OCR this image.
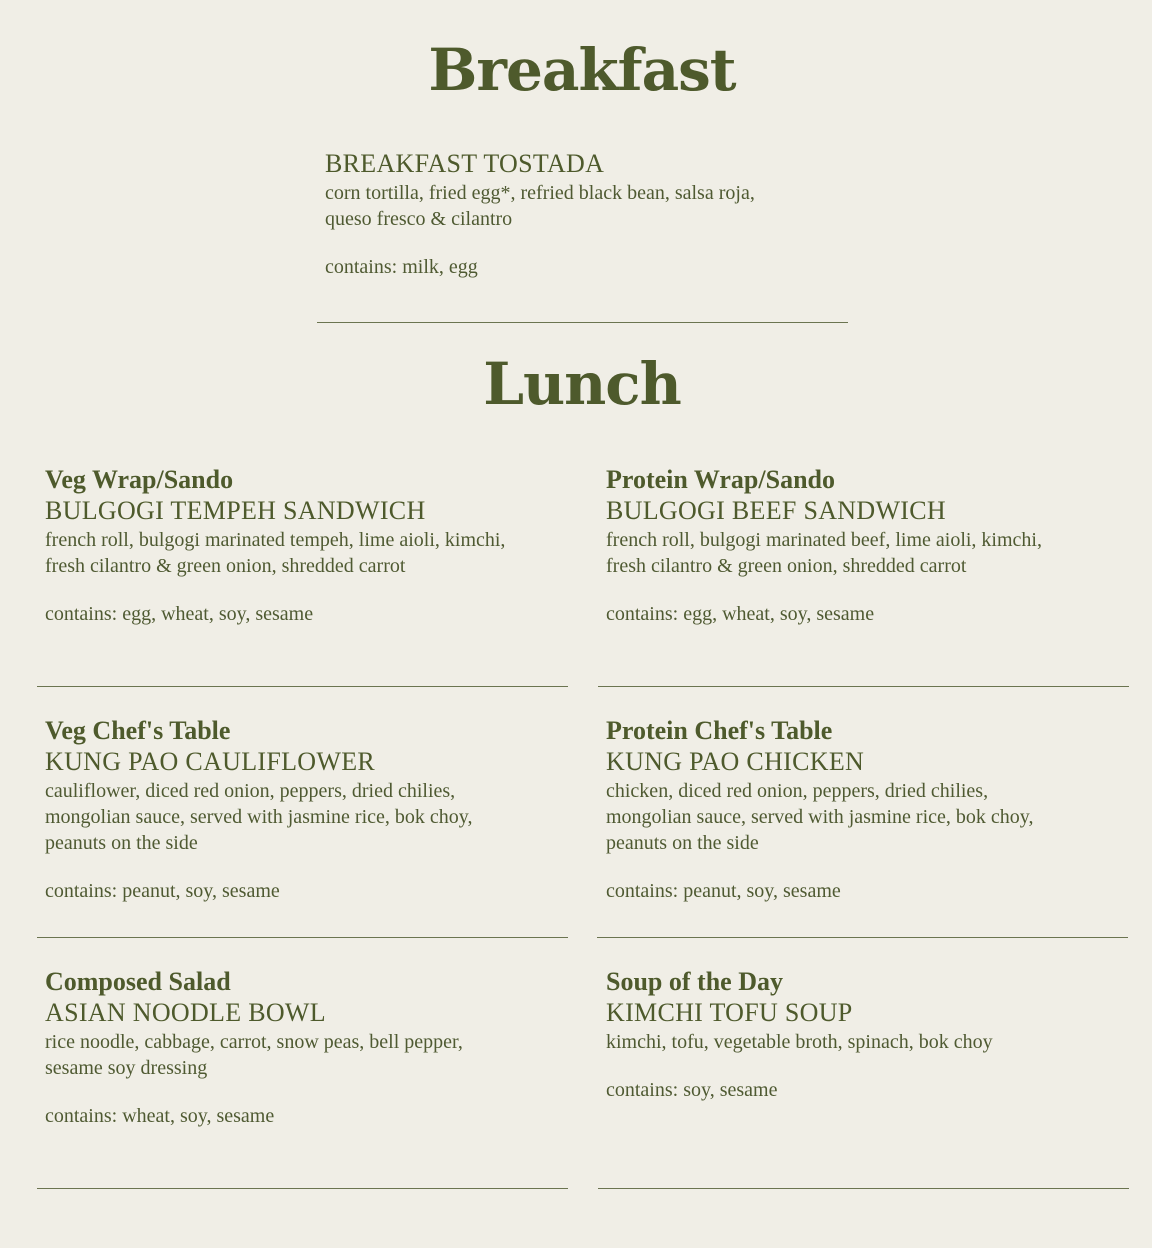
Breakfast
BREAKFAST TOSTADA
corn tortilla, fried egg*, refried black bean, salsa roja,
queso fresco & cilantro
contains: milk, egg
Lunch
Veg Wrap/Sando
BULGOGI TEMPEH SANDWICH
french roll, bulgogi marinated tempeh, lime aioli, kimchi,
fresh cilantro & green onion, shredded carrot
contains: egg, wheat, soy, sesame
Protein Wrap/Sando
BULGOGI BEEF SANDWICH
french roll, bulgogi marinated beef, lime aioli, kimchi,
fresh cilantro & green onion, shredded carrot
contains: egg, wheat, soy, sesame
Veg Chef's Table
KUNG PAO CAULIFLOWER
cauliflower, diced red onion, peppers, dried chilies,
mongolian sauce, served with jasmine rice, bok choy,
peanuts on the side
contains: peanut, soy, sesame
Protein Chef's Table
KUNG PAO CHICKEN
chicken, diced red onion, peppers, dried chilies,
mongolian sauce, served with jasmine rice, bok choy,
peanuts on the side
contains: peanut, soy, sesame
Composed Salad
ASIAN NOODLE BOWL
rice noodle, cabbage, carrot, snow peas, bell pepper,
sesame soy dressing
contains: wheat, soy, sesame
Soup of the Day
KIMCHI TOFU SOUP
kimchi, tofu, vegetable broth, spinach, bok choy
contains: soy, sesame
